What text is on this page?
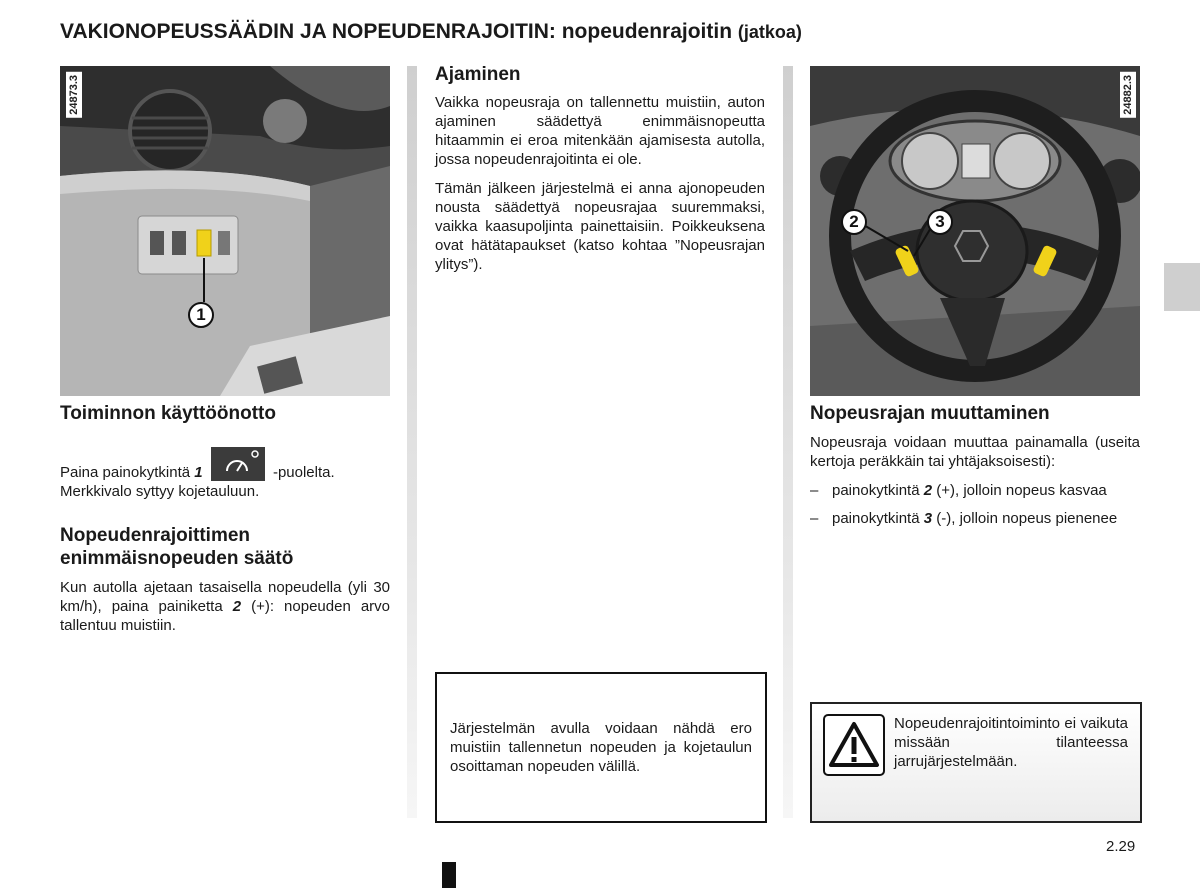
VAKIONOPEUSSÄÄDIN JA NOPEUDENRAJOITIN: nopeudenrajoitin (jatkoa)
24873.3
1
Toiminnon käyttöönotto

Paina painokytkintä 1	-puolelta.
Merkkivalo syttyy kojetauluun.

Nopeudenrajoittimen
enimmäisnopeuden säätö

Kun autolla ajetaan tasaisella nopeudella (yli 30 km/h), paina painiketta 2 (+): nopeuden arvo tallentuu muistiin.

Ajaminen

Vaikka nopeusraja on tallennettu muistiin, auton ajaminen säädettyä enimmäisnopeutta hitaammin ei eroa mitenkään ajamisesta autolla, jossa nopeudenrajoitinta ei ole.

Tämän jälkeen järjestelmä ei anna ajonopeuden nousta säädettyä nopeusrajaa suuremmaksi, vaikka kaasupoljinta painettaisiin. Poikkeuksena ovat hätätapaukset (katso kohtaa ”Nopeusrajan ylitys”).

Järjestelmän avulla voidaan nähdä ero muistiin tallennetun nopeuden ja kojetaulun osoittaman nopeuden välillä.

24882.3
2	3
Nopeusrajan muuttaminen

Nopeusraja voidaan muuttaa painamalla (useita kertoja peräkkäin tai yhtäjaksoisesti):

– painokytkintä 2 (+), jolloin nopeus kasvaa

– painokytkintä 3 (-), jolloin nopeus pienenee

Nopeudenrajoitintoiminto ei vaikuta missään tilanteessa jarrujärjestelmään.

2.29
